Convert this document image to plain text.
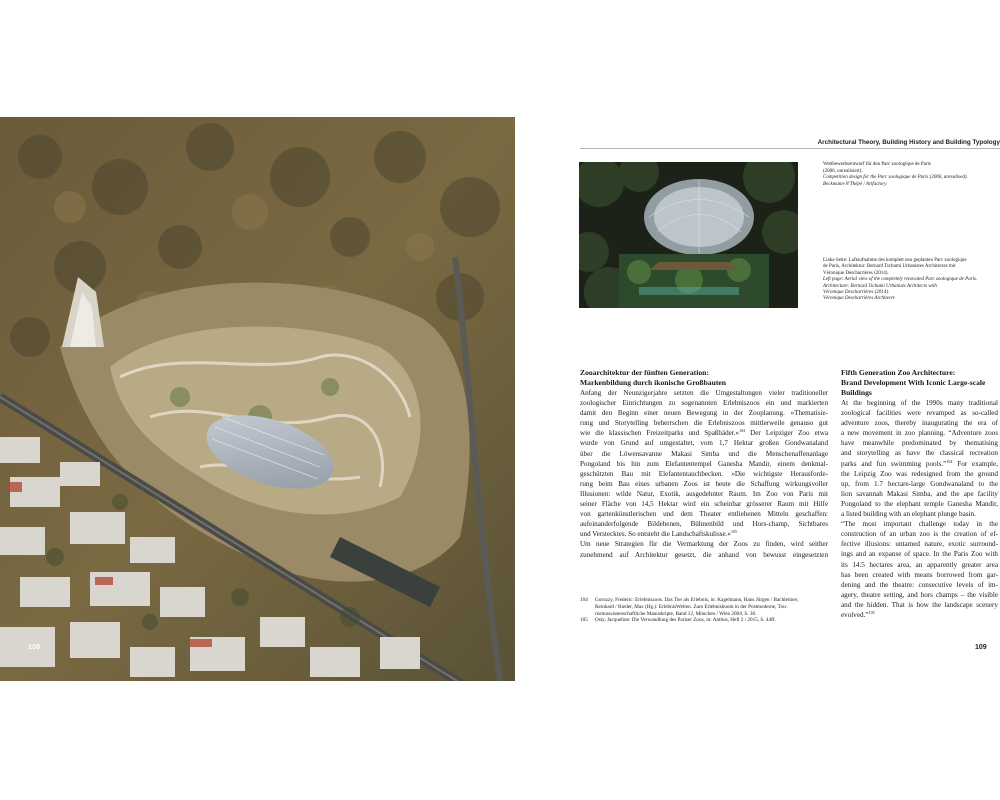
108
Architectural Theory, Building History and Building Typology

Wettbewerbsentwurf für den Parc zoologique de Paris

(2006, unrealisiert).

Competition design for the Parc zoologique de Paris (2006, unrealised).

Beckmann-N'Thépé / Artfactory

Linke Seite: Luftaufnahme des komplett neu geplanten Parc zoologique

de Paris, Architektur: Bernard Tschumi Urbanistes Architectes mit

Véronique Descharrières (2014).

Left page: Aerial view of the completely renovated Parc zoologique de Paris.

Architecture: Bernard Tschumi Urbanists Architects with

Véronique Descharrières (2014).

Véronique Descharrières Architecte

Zooarchitektur der fünften Generation:
Markenbildung durch ikonische Großbauten
Anfang der Neunzigerjahre setzten die Umgestaltungen vieler traditioneller
zoologischer Einrichtungen zu sogenannten Erlebniszoos ein und markierten
damit den Beginn einer neuen Bewegung in der Zooplanung. »Thematisie-
rung und Storytelling beherrschen die Erlebniszoos mittlerweile genauso gut
wie die klassischen Freizeitparks und Spaßbäder.«$^{104}$ Der Leipziger Zoo etwa
wurde von Grund auf umgestaltet, vom 1,7 Hektar großen Gondwanaland
über die Löwensavanne Makasi Simba und die Menschenaffenanlage
Pongoland bis hin zum Elefantentempel Ganesha Mandir, einem denkmal-
geschützten Bau mit Elefantentauchbecken. »Die wichtigste Herausforde-
rung beim Bau eines urbanen Zoos ist heute die Schaffung wirkungsvoller
Illusionen: wilde Natur, Exotik, ausgedehnter Raum. Im Zoo von Paris mit
seiner Fläche von 14,5 Hektar wird ein scheinbar grösserer Raum mit Hilfe
von gartenkünstlerischen und dem Theater entliehenen Mitteln geschaffen:
aufeinanderfolgende Bildebenen, Bühnenbild und Hors-champ, Sichtbares
und Verstecktes. So entsteht die Landschaftskulisse.«$^{105}$
Um neue Strategien für die Vermarktung der Zoos zu finden, wird seither
zunehmend auf Architektur gesetzt, die anhand von bewusst eingesetzten
Fifth Generation Zoo Architecture:
Brand Development With Iconic Large-scale
Buildings
At the beginning of the 1990s many traditional
zoological facilities were revamped as so-called
adventure zoos, thereby inaugurating the era of
a new movement in zoo planning. “Adventure zoos
have meanwhile predominated by thematising
and storytelling as have the classical recreation
parks and fun swimming pools.”$^{104}$ For example,
the Leipzig Zoo was redesigned from the ground
up, from 1.7 hectare-large Gondwanaland to the
lion savannah Makasi Simba, and the ape facility
Pongoland to the elephant temple Ganesha Mandir,
a listed building with an elephant plunge basin.
“The most important challenge today in the
construction of an urban zoo is the creation of ef-
fective illusions: untamed nature, exotic surround-
ings and an expanse of space. In the Paris Zoo with
its 14.5 hectares area, an apparently greater area
has been created with means borrowed from gar-
dening and the theatre: consecutive levels of im-
agery, theatre setting, and hors champs – the visible
and the hidden. That is how the landscape scenery
evolved.”$^{105}$
104 Gorozzy, Frederic: Erlebniszoos. Das Tier als Erlebnis, in: Kagelmann, Hans Jürgen / Bachleitner,
Reinhard / Rieder, Max (Hg.): ErlebnisWelten. Zum Erlebnisboom in der Postmoderne, Tou-
rismuswissenschaftliche Manuskripte, Band 12, München / Wien 2004, S. 36.
105 Osty, Jacqueline: Die Verwandlung des Pariser Zoos, in: Anthos, Heft 2 / 2015, S. 44ff.
109
